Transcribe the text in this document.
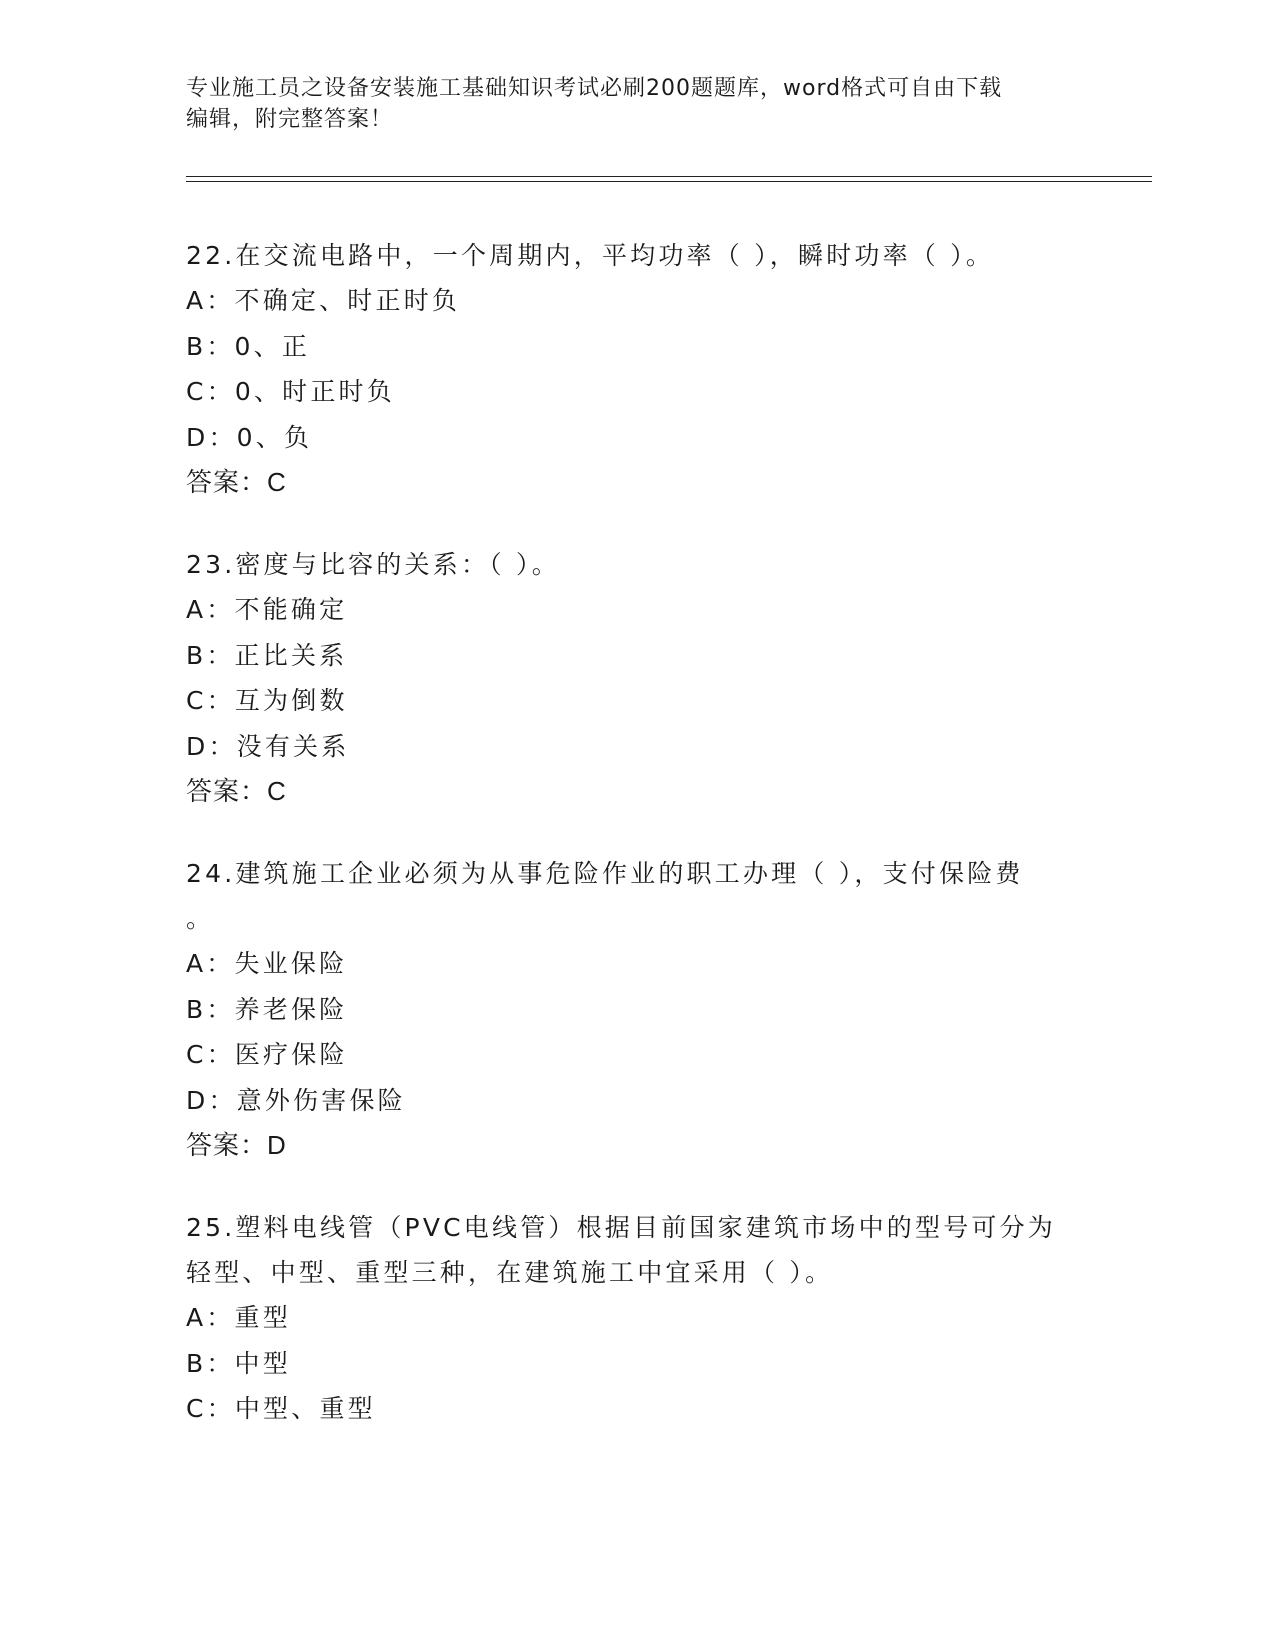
专业施工员之设备安装施工基础知识考试必刷200题题库，word格式可自由下载
编辑，附完整答案！

22.在交流电路中，一个周期内，平均功率（ ），瞬时功率（ ）。

A：不确定、时正时负

B：0、正

C：0、时正时负

D：0、负

答案：C

23.密度与比容的关系：（ ）。

A：不能确定

B：正比关系

C：互为倒数

D：没有关系

答案：C

24.建筑施工企业必须为从事危险作业的职工办理（ ），支付保险费
。

A：失业保险

B：养老保险

C：医疗保险

D：意外伤害保险

答案：D

25.塑料电线管（PVC电线管）根据目前国家建筑市场中的型号可分为
轻型、中型、重型三种，在建筑施工中宜采用（ ）。

A：重型

B：中型

C：中型、重型
